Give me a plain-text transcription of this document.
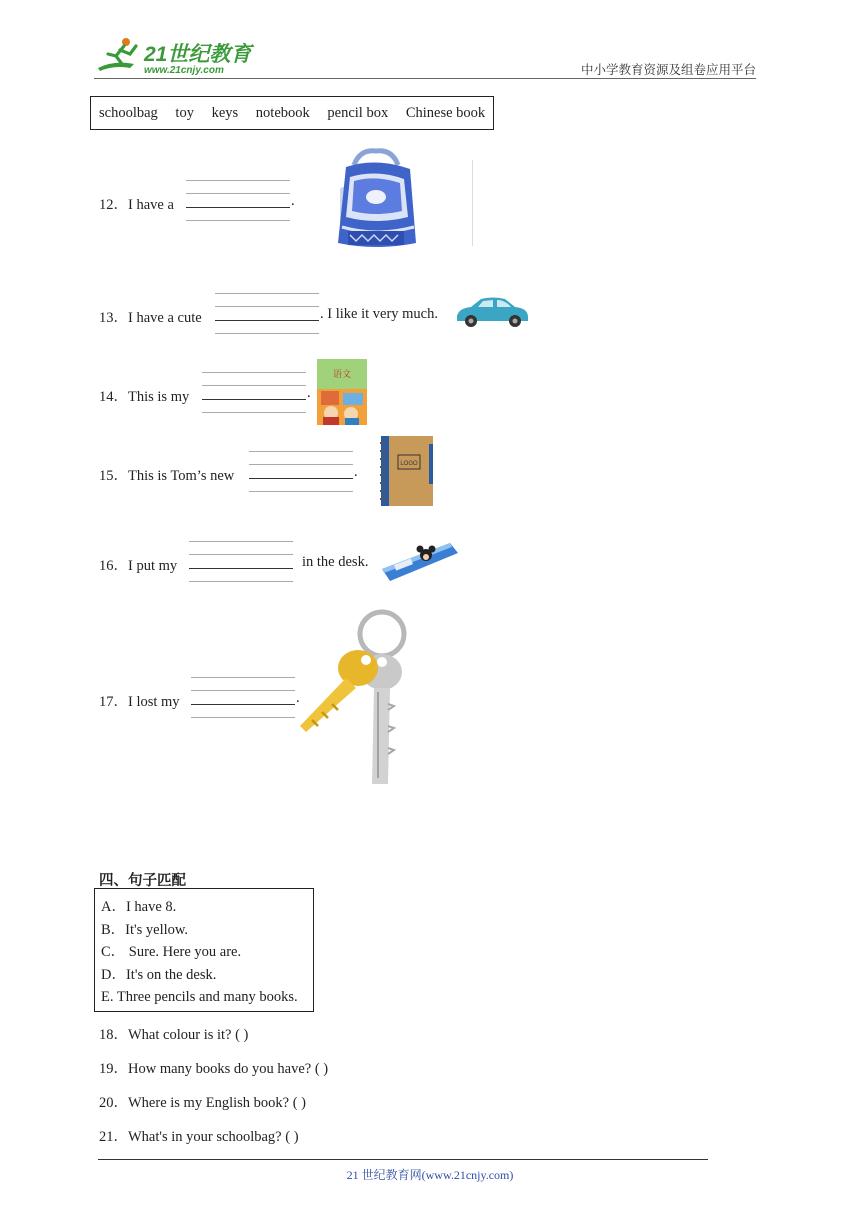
21世纪教育
www.21cnjy.com	中小学教育资源及组卷应用平台
schoolbag toy keys notebook pencil box Chinese book
12．I have a	.
13．I have a cute	. I like it very much.
14．This is my	.
语文
15．This is Tom’s new	.	LOGO
16．I put my	in the desk.
17．I lost my	.
四、句子匹配
A．I have 8.
B．It's yellow.
C． Sure. Here you are.
D．It's on the desk.
E. Three pencils and many books.
18．What colour is it? ( )
19．How many books do you have? ( )
20．Where is my English book? ( )
21．What's in your schoolbag? ( )
21 世纪教育网(www.21cnjy.com)
